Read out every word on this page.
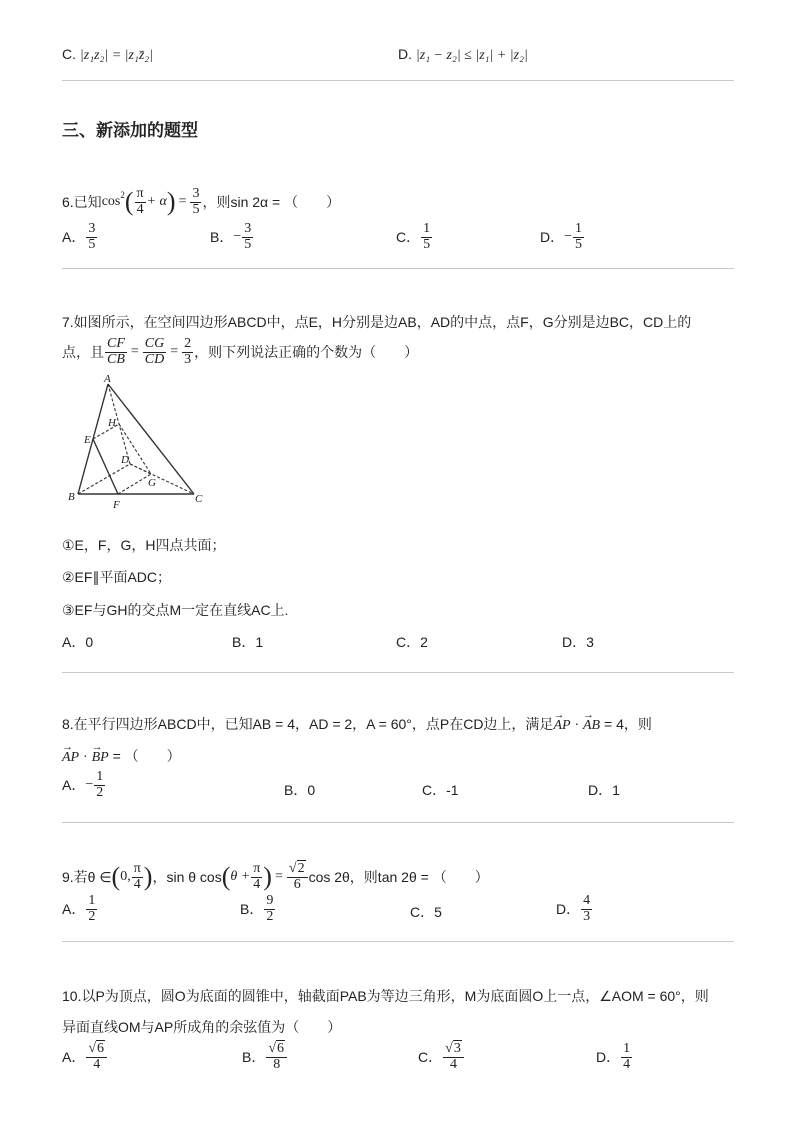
C. |z₁z₂| = |z₁z̄₂|	D. |z₁ − z₂| ≤ |z₁| + |z₂|
三、新添加的题型
6.已知 $\cos^2$ ( $\frac{\pi}{4} + \alpha$ ) = $\frac{3}{5}$ ，则sin 2α = （　　）
A． $\frac{3}{5}$	B． − $\frac{3}{5}$	C． $\frac{1}{5}$	D． − $\frac{1}{5}$
7.如图所示，在空间四边形ABCD中，点E，H分别是边AB，AD的中点，点F，G分别是边BC，CD上的
点，且 $\frac{CF}{CB} = \frac{CG}{CD} = \frac{2}{3}$ ，则下列说法正确的个数为（　　）
A
B	C
D
E
F
G
H
①E，F，G，H四点共面；
②EF∥平面ADC；
③EF与GH的交点M一定在直线AC上.
A．0	B．1	C．2	D．3
8.在平行四边形ABCD中，已知AB = 4，AD = 2，A = 60°，点P在CD边上，满足→ AP · → AB = 4，则
→ AP · → BP = （　　）
A． − $\frac{1}{2}$	B．0	C．-1	D．1
9.若θ ∈ ( 0, $\frac{\pi}{4}$ ) ，sin θ cos ( $\theta + \frac{\pi}{4}$ ) = $\frac{√2}{6}$ cos 2θ，则tan 2θ = （　　）
A． $\frac{1}{2}$	B． $\frac{9}{2}$	C．5	D． $\frac{4}{3}$
10.以P为顶点，圆O为底面的圆锥中，轴截面PAB为等边三角形，M为底面圆O上一点，∠AOM = 60°，则
异面直线OM与AP所成角的余弦值为（　　）
A． $\frac{√6}{4}$	B． $\frac{√6}{8}$	C． $\frac{√3}{4}$	D． $\frac{1}{4}$
